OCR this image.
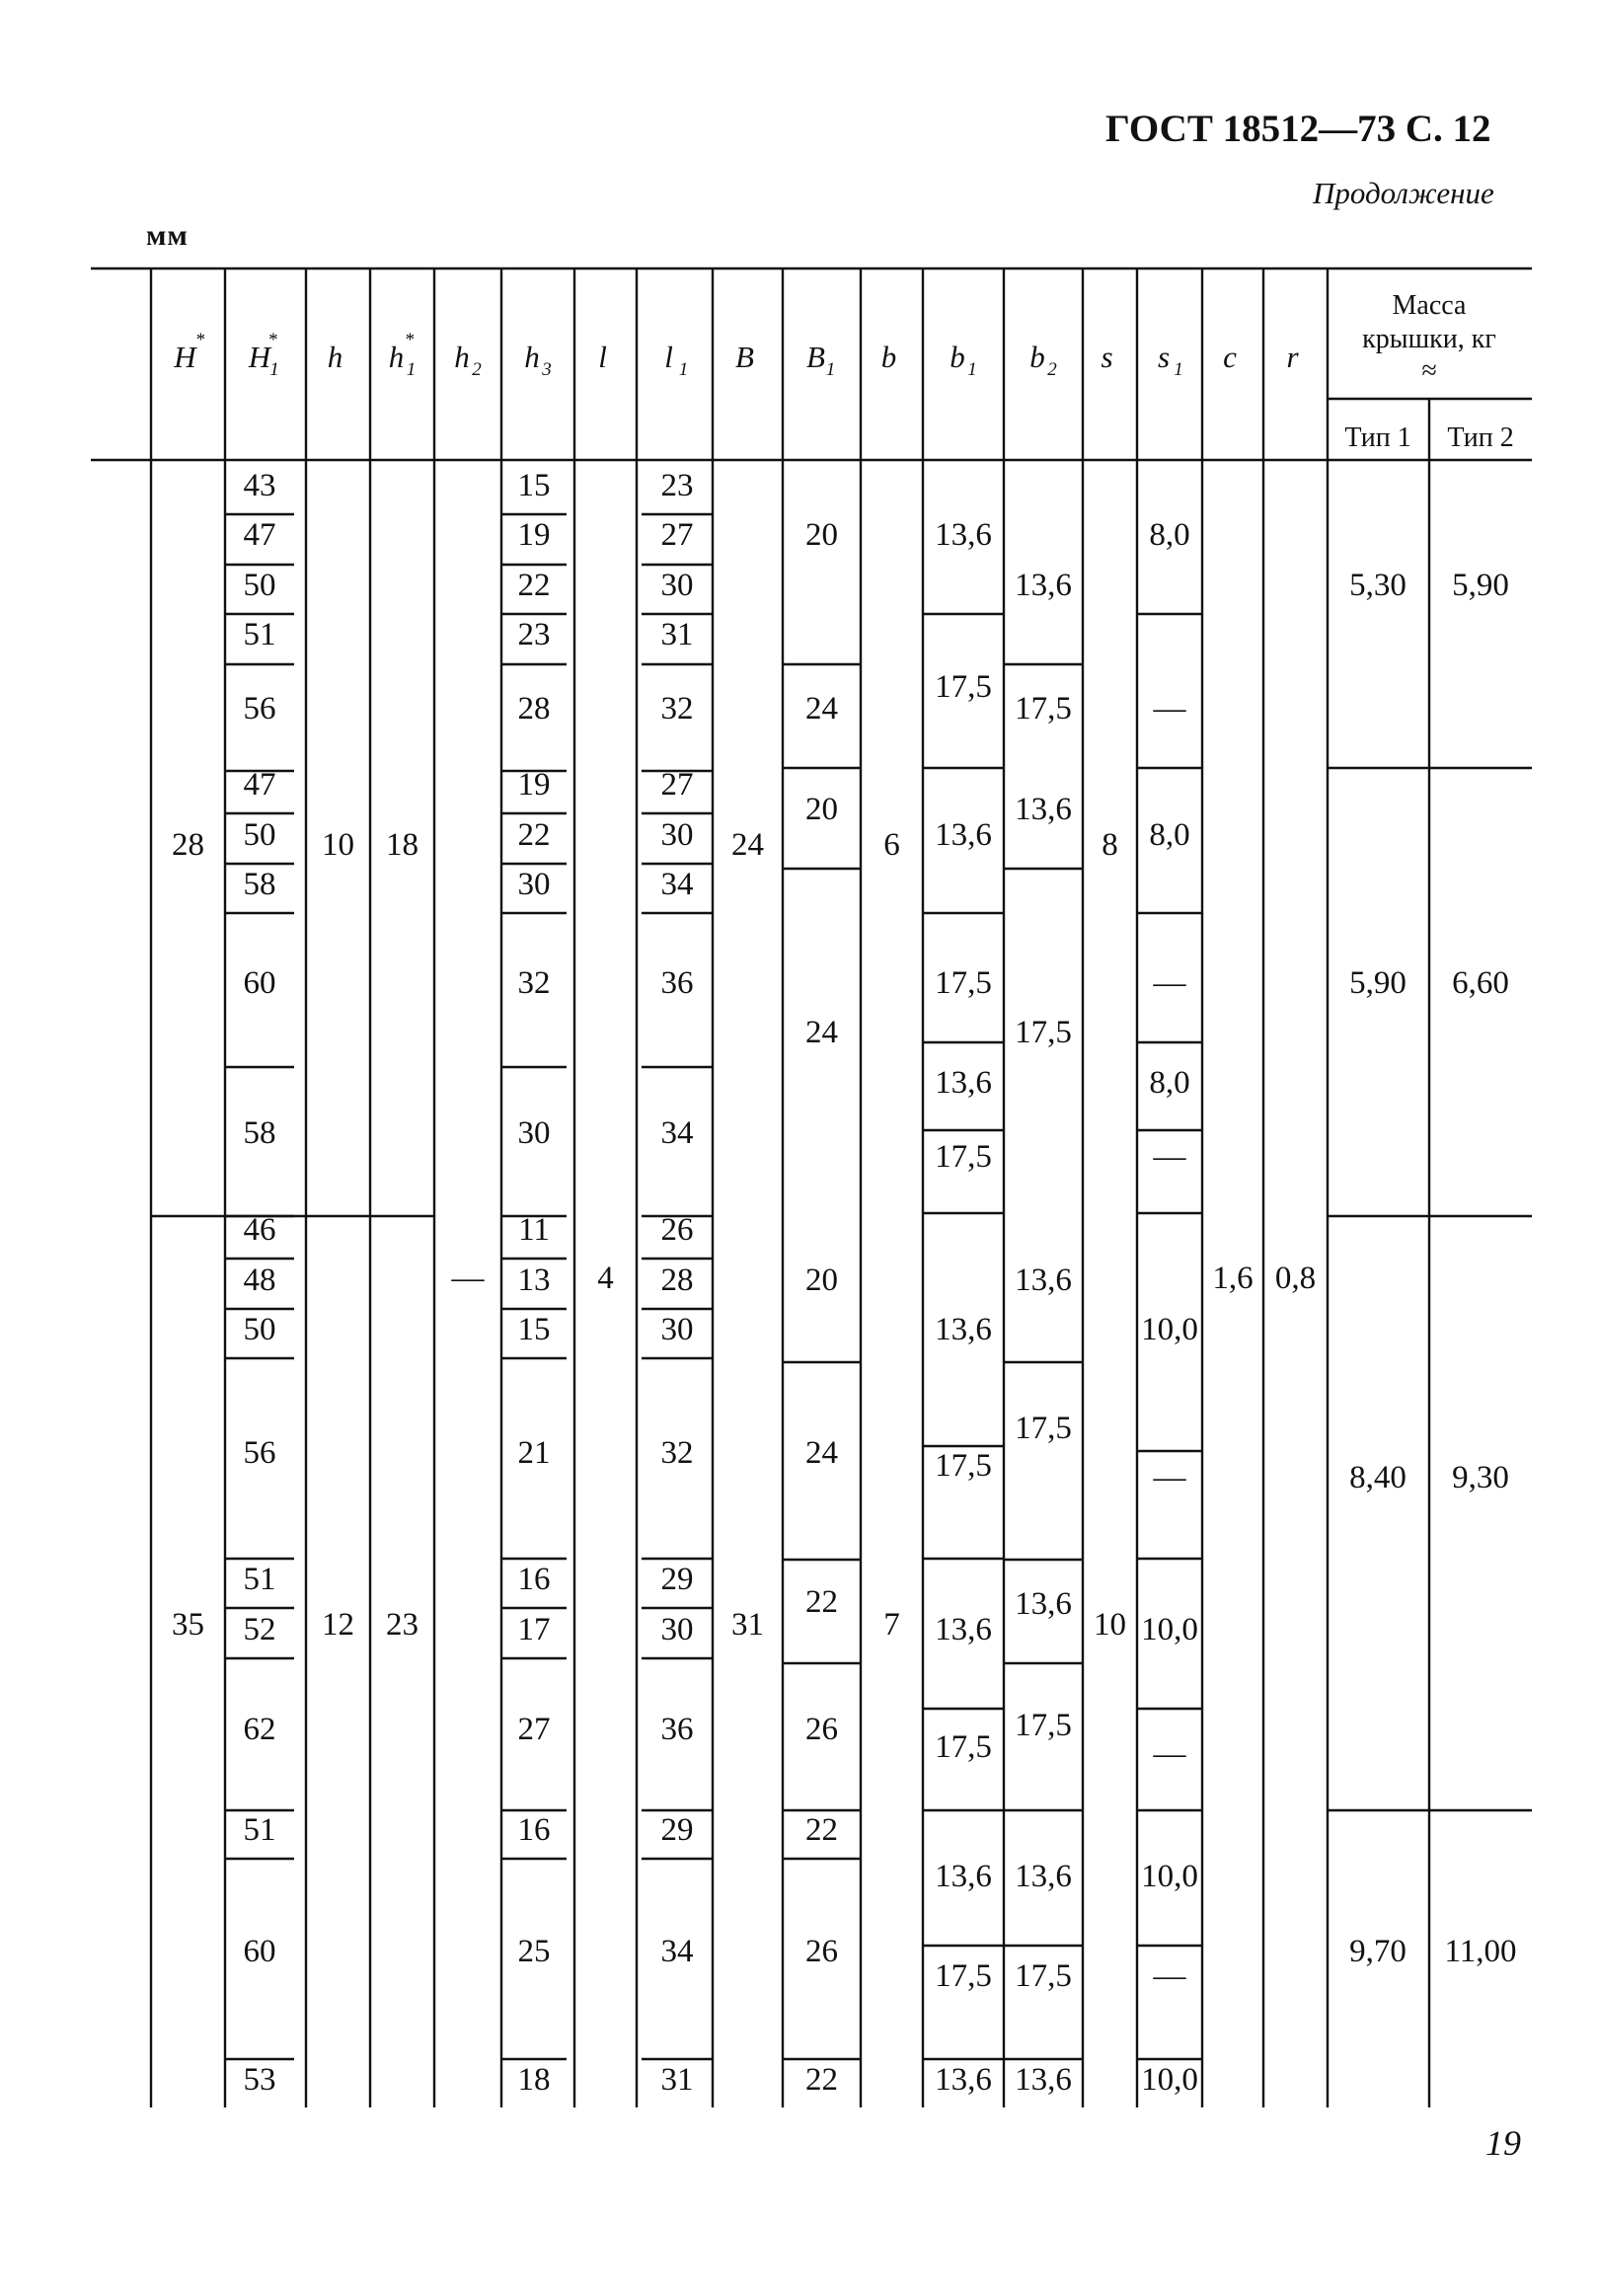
ГОСТ 18512—73 С. 12
Продолжение
мм
19
H * H
*
1 h h *
1 h 2 h 3 l l 1 B B 1 b b 1 b 2 s s 1 c r
Масса
крышки, кг
≈
Тип 1 Тип 2
43
47
50
51
56
47
50
58
60
58
46
48
50
56
51
52
62
51
60
53
15
19
22
23
28
19
22
30
32
30
11
13
15
21
16
17
27
16
25
18
23
27
30
31
32
27
30
34
36
34
26
28
30
32
29
30
36
29
34
31
28
35
10
12
18
23
—	4
24
31
6
7
8
10
1,6 0,8
20
24
20
24
20
24
22
26
22
26
22
13,6
17,5
13,6
17,5
13,6
17,5
13,6
17,5
13,6
17,5
13,6
17,5
13,6
13,6
17,5
13,6
17,5
13,6
17,5
13,6
17,5
13,6
17,5
13,6
8,0
—
8,0
—
8,0
—
10,0
—
10,0
—
10,0
—
10,0
5,30
5,90
8,40
9,70
5,90
6,60
9,30
11,00
